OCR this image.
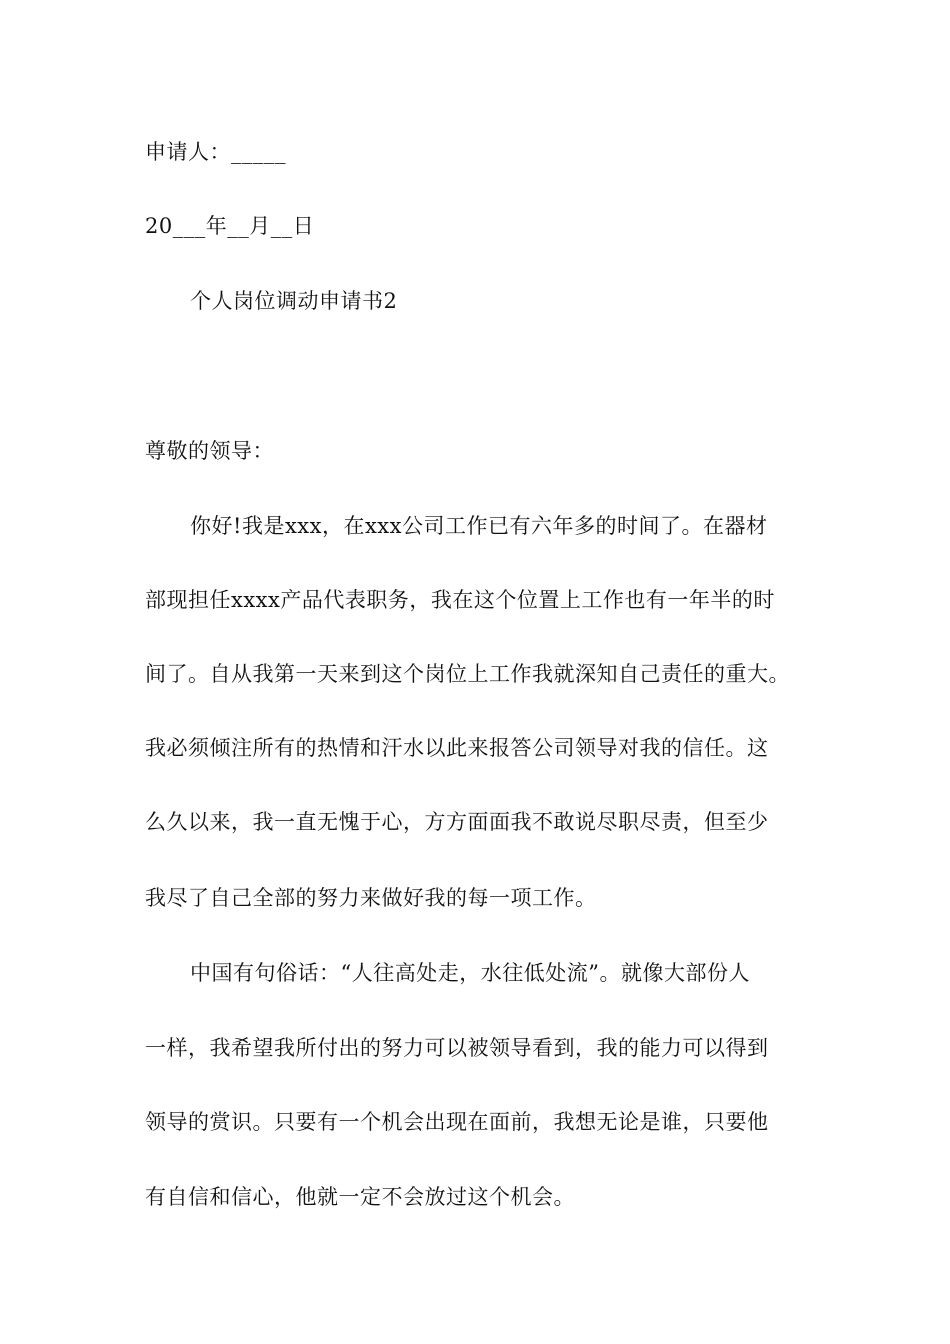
申请人：_____
20___年__月__日
个人岗位调动申请书2
尊敬的领导：
你好!我是xxx，在xxx公司工作已有六年多的时间了。在器材
部现担任xxxx产品代表职务，我在这个位置上工作也有一年半的时
间了。自从我第一天来到这个岗位上工作我就深知自己责任的重大。
我必须倾注所有的热情和汗水以此来报答公司领导对我的信任。这
么久以来，我一直无愧于心，方方面面我不敢说尽职尽责，但至少
我尽了自己全部的努力来做好我的每一项工作。
中国有句俗话：“人往高处走，水往低处流”。就像大部份人
一样，我希望我所付出的努力可以被领导看到，我的能力可以得到
领导的赏识。只要有一个机会出现在面前，我想无论是谁，只要他
有自信和信心，他就一定不会放过这个机会。
